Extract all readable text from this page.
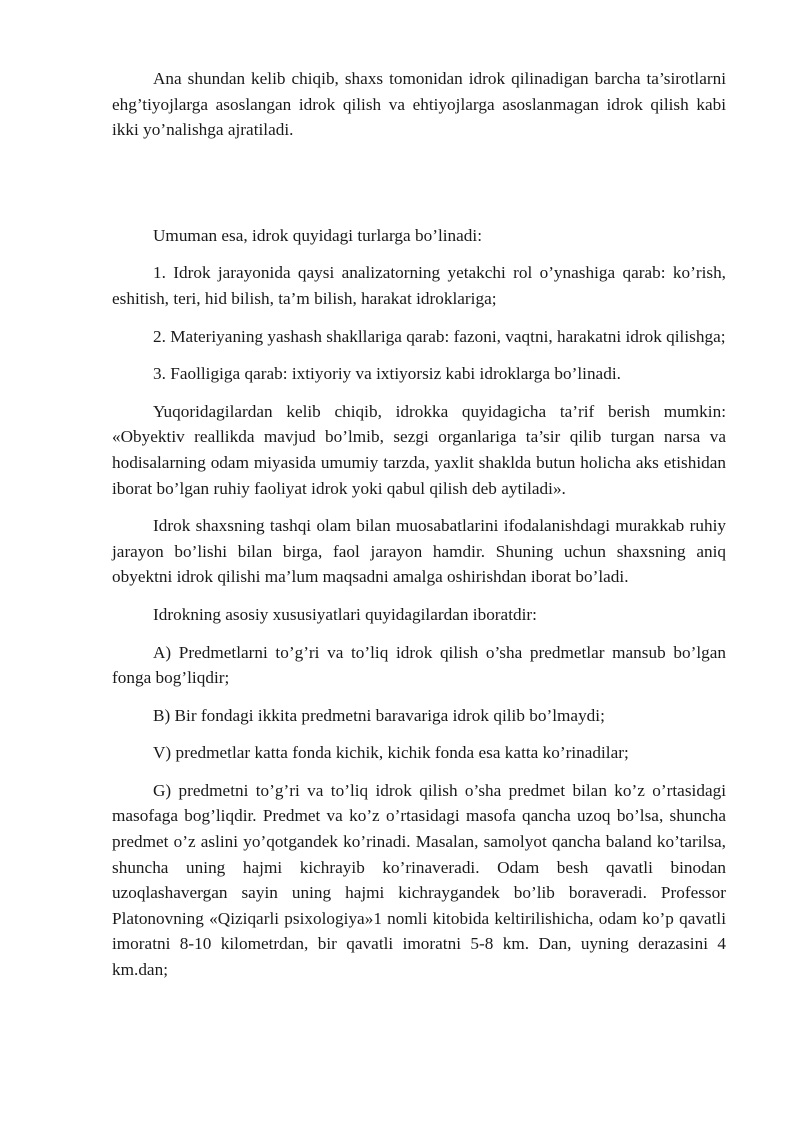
Ana shundan kelib chiqib, shaxs tomonidan idrok qilinadigan barcha ta’sirotlarni ehg’tiyojlarga asoslangan idrok qilish va ehtiyojlarga asoslanmagan idrok qilish kabi ikki yo’nalishga ajratiladi.

Umuman esa, idrok quyidagi turlarga bo’linadi:

1. Idrok jarayonida qaysi analizatorning yetakchi rol o’ynashiga qarab: ko’rish, eshitish, teri, hid bilish, ta’m bilish, harakat idroklariga;

2. Materiyaning yashash shakllariga qarab: fazoni, vaqtni, harakatni idrok qilishga;

3. Faolligiga qarab: ixtiyoriy va ixtiyorsiz kabi idroklarga bo’linadi.

Yuqoridagilardan kelib chiqib, idrokka quyidagicha ta’rif berish mumkin: «Obyektiv reallikda mavjud bo’lmib, sezgi organlariga ta’sir qilib turgan narsa va hodisalarning odam miyasida umumiy tarzda, yaxlit shaklda butun holicha aks etishidan iborat bo’lgan ruhiy faoliyat idrok yoki qabul qilish deb aytiladi».

Idrok shaxsning tashqi olam bilan muosabatlarini ifodalanishdagi murakkab ruhiy jarayon bo’lishi bilan birga, faol jarayon hamdir. Shuning uchun shaxsning aniq obyektni idrok qilishi ma’lum maqsadni amalga oshirishdan iborat bo’ladi.

Idrokning asosiy xususiyatlari quyidagilardan iboratdir:

A) Predmetlarni to’g’ri va to’liq idrok qilish o’sha predmetlar mansub bo’lgan fonga bog’liqdir;

B) Bir fondagi ikkita predmetni baravariga idrok qilib bo’lmaydi;

V) predmetlar katta fonda kichik, kichik fonda esa katta ko’rinadilar;

G) predmetni to’g’ri va to’liq idrok qilish o’sha predmet bilan ko’z o’rtasidagi masofaga bog’liqdir. Predmet va ko’z o’rtasidagi masofa qancha uzoq bo’lsa, shuncha predmet o’z aslini yo’qotgandek ko’rinadi. Masalan, samolyot qancha baland ko’tarilsa, shuncha uning hajmi kichrayib ko’rinaveradi. Odam besh qavatli binodan uzoqlashavergan sayin uning hajmi kichraygandek bo’lib boraveradi. Professor Platonovning «Qiziqarli psixologiya»1 nomli kitobida keltirilishicha, odam ko’p qavatli imoratni 8-10 kilometrdan, bir qavatli imoratni 5-8 km. Dan, uyning derazasini 4 km.dan;
